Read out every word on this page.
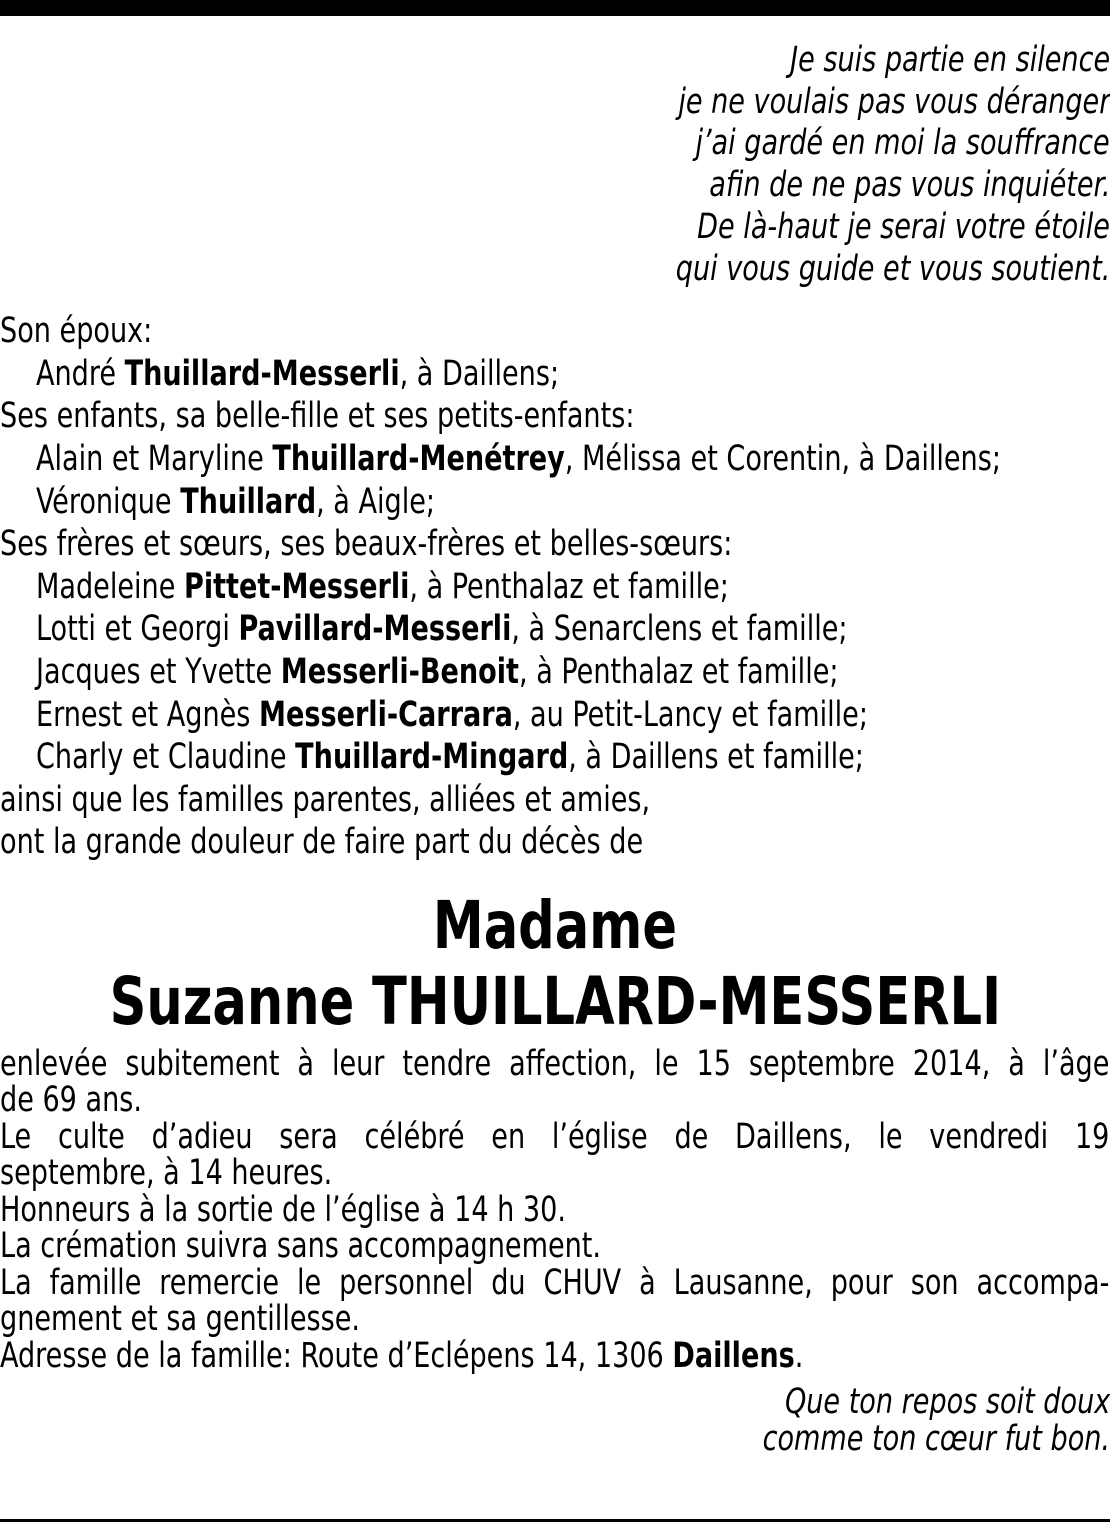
Je suis partie en silence
je ne voulais pas vous déranger
j’ai gardé en moi la souffrance
afin de ne pas vous inquiéter.
De là-haut je serai votre étoile
qui vous guide et vous soutient.
Son époux:
André Thuillard-Messerli, à Daillens;
Ses enfants, sa belle-fille et ses petits-enfants:
Alain et Maryline Thuillard-Menétrey, Mélissa et Corentin, à Daillens;
Véronique Thuillard, à Aigle;
Ses frères et sœurs, ses beaux-frères et belles-sœurs:
Madeleine Pittet-Messerli, à Penthalaz et famille;
Lotti et Georgi Pavillard-Messerli, à Senarclens et famille;
Jacques et Yvette Messerli-Benoit, à Penthalaz et famille;
Ernest et Agnès Messerli-Carrara, au Petit-Lancy et famille;
Charly et Claudine Thuillard-Mingard, à Daillens et famille;
ainsi que les familles parentes, alliées et amies,
ont la grande douleur de faire part du décès de
Madame
Suzanne THUILLARD-MESSERLI
enlevée subitement à leur tendre affection, le 15 septembre 2014, à l’âge
de 69 ans.
Le culte d’adieu sera célébré en l’église de Daillens, le vendredi 19
septembre, à 14 heures.
Honneurs à la sortie de l’église à 14 h 30.
La crémation suivra sans accompagnement.
La famille remercie le personnel du CHUV à Lausanne, pour son accompa-
gnement et sa gentillesse.
Adresse de la famille: Route d’Eclépens 14, 1306 Daillens.
Que ton repos soit doux
comme ton cœur fut bon.
